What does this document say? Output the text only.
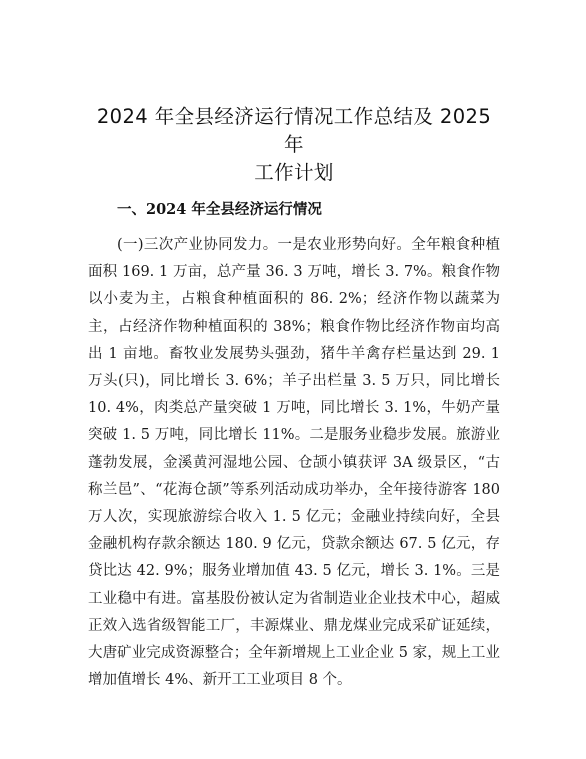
2024 年全县经济运行情况工作总结及 2025 年
工作计划

一、2024 年全县经济运行情况

(一)三次产业协同发力。一是农业形势向好。全年粮食种植面积 169. 1 万亩，总产量 36. 3 万吨，增长 3. 7%。粮食作物以小麦为主，占粮食种植面积的 86. 2%；经济作物以蔬菜为主，占经济作物种植面积的 38%；粮食作物比经济作物亩均高出 1 亩地。畜牧业发展势头强劲，猪牛羊禽存栏量达到 29. 1 万头(只)，同比增长 3. 6%；羊子出栏量 3. 5 万只，同比增长 10. 4%，肉类总产量突破 1 万吨，同比增长 3. 1%，牛奶产量突破 1. 5 万吨，同比增长 11%。二是服务业稳步发展。旅游业蓬勃发展，金溪黄河湿地公园、仓颉小镇获评 3A 级景区，“古称兰邑”、“花海仓颉”等系列活动成功举办，全年接待游客 180 万人次，实现旅游综合收入 1. 5 亿元；金融业持续向好，全县金融机构存款余额达 180. 9 亿元，贷款余额达 67. 5 亿元，存贷比达 42. 9%；服务业增加值 43. 5 亿元，增长 3. 1%。三是工业稳中有进。富基股份被认定为省制造业企业技术中心，超威正效入选省级智能工厂，丰源煤业、鼎龙煤业完成采矿证延续，大唐矿业完成资源整合；全年新增规上工业企业 5 家，规上工业增加值增长 4%、新开工工业项目 8 个。
